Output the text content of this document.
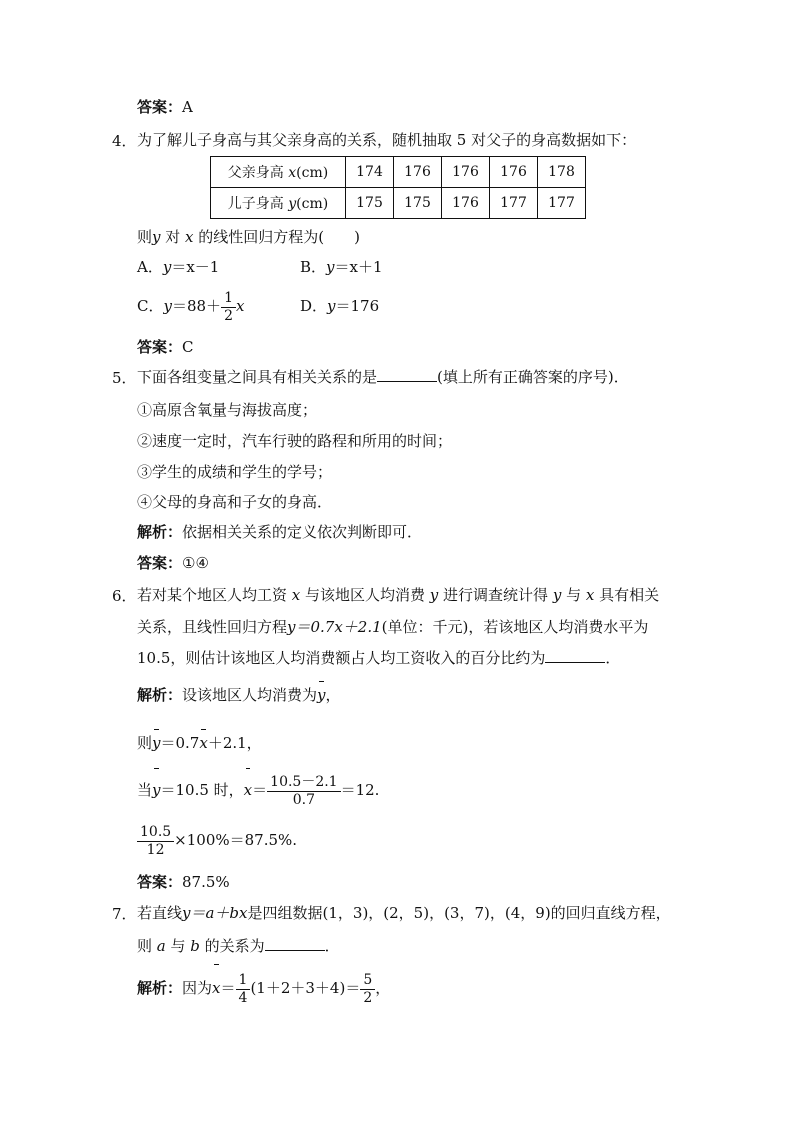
答案：A
4． 为了解儿子身高与其父亲身高的关系，随机抽取 5 对父子的身高数据如下：
父亲身高 x(cm)	174	176	176	176	178
儿子身高 y(cm)	175	175	176	177	177
则y 对 x 的线性回归方程为(　　)
A．y＝x－1	B．y＝x＋1
C．$y=88+ \frac{1}{2}$ x	D．y＝176
答案：C
5． 下面各组变量之间具有相关关系的是	(填上所有正确答案的序号)．
①高原含氧量与海拔高度；
②速度一定时，汽车行驶的路程和所用的时间；
③学生的成绩和学生的学号；
④父母的身高和子女的身高．
解析：依据相关关系的定义依次判断即可．
答案：①④
6． 若对某个地区人均工资 x 与该地区人均消费 y 进行调查统计得 y 与 x 具有相关
关系，且线性回归方程y＝0.7x＋2.1(单位：千元)，若该地区人均消费水平为
10.5，则估计该地区人均消费额占人均工资收入的百分比约为	．
解析：设该地区人均消费为y，
则y＝0.7x＋2.1，
当y＝10.5 时，$x= \frac{10.5-2.1}{0.7} =12$.
$\frac{10.5}{12} \times 100\%=87.5\%$.
答案：87.5%
7． 若直线y＝a＋bx是四组数据(1，3)，(2，5)，(3，7)，(4，9)的回归直线方程，
则 a 与 b 的关系为	．
解析：因为$x= \frac{1}{4} (1+2+3+4)= \frac{5}{2}$ ，
